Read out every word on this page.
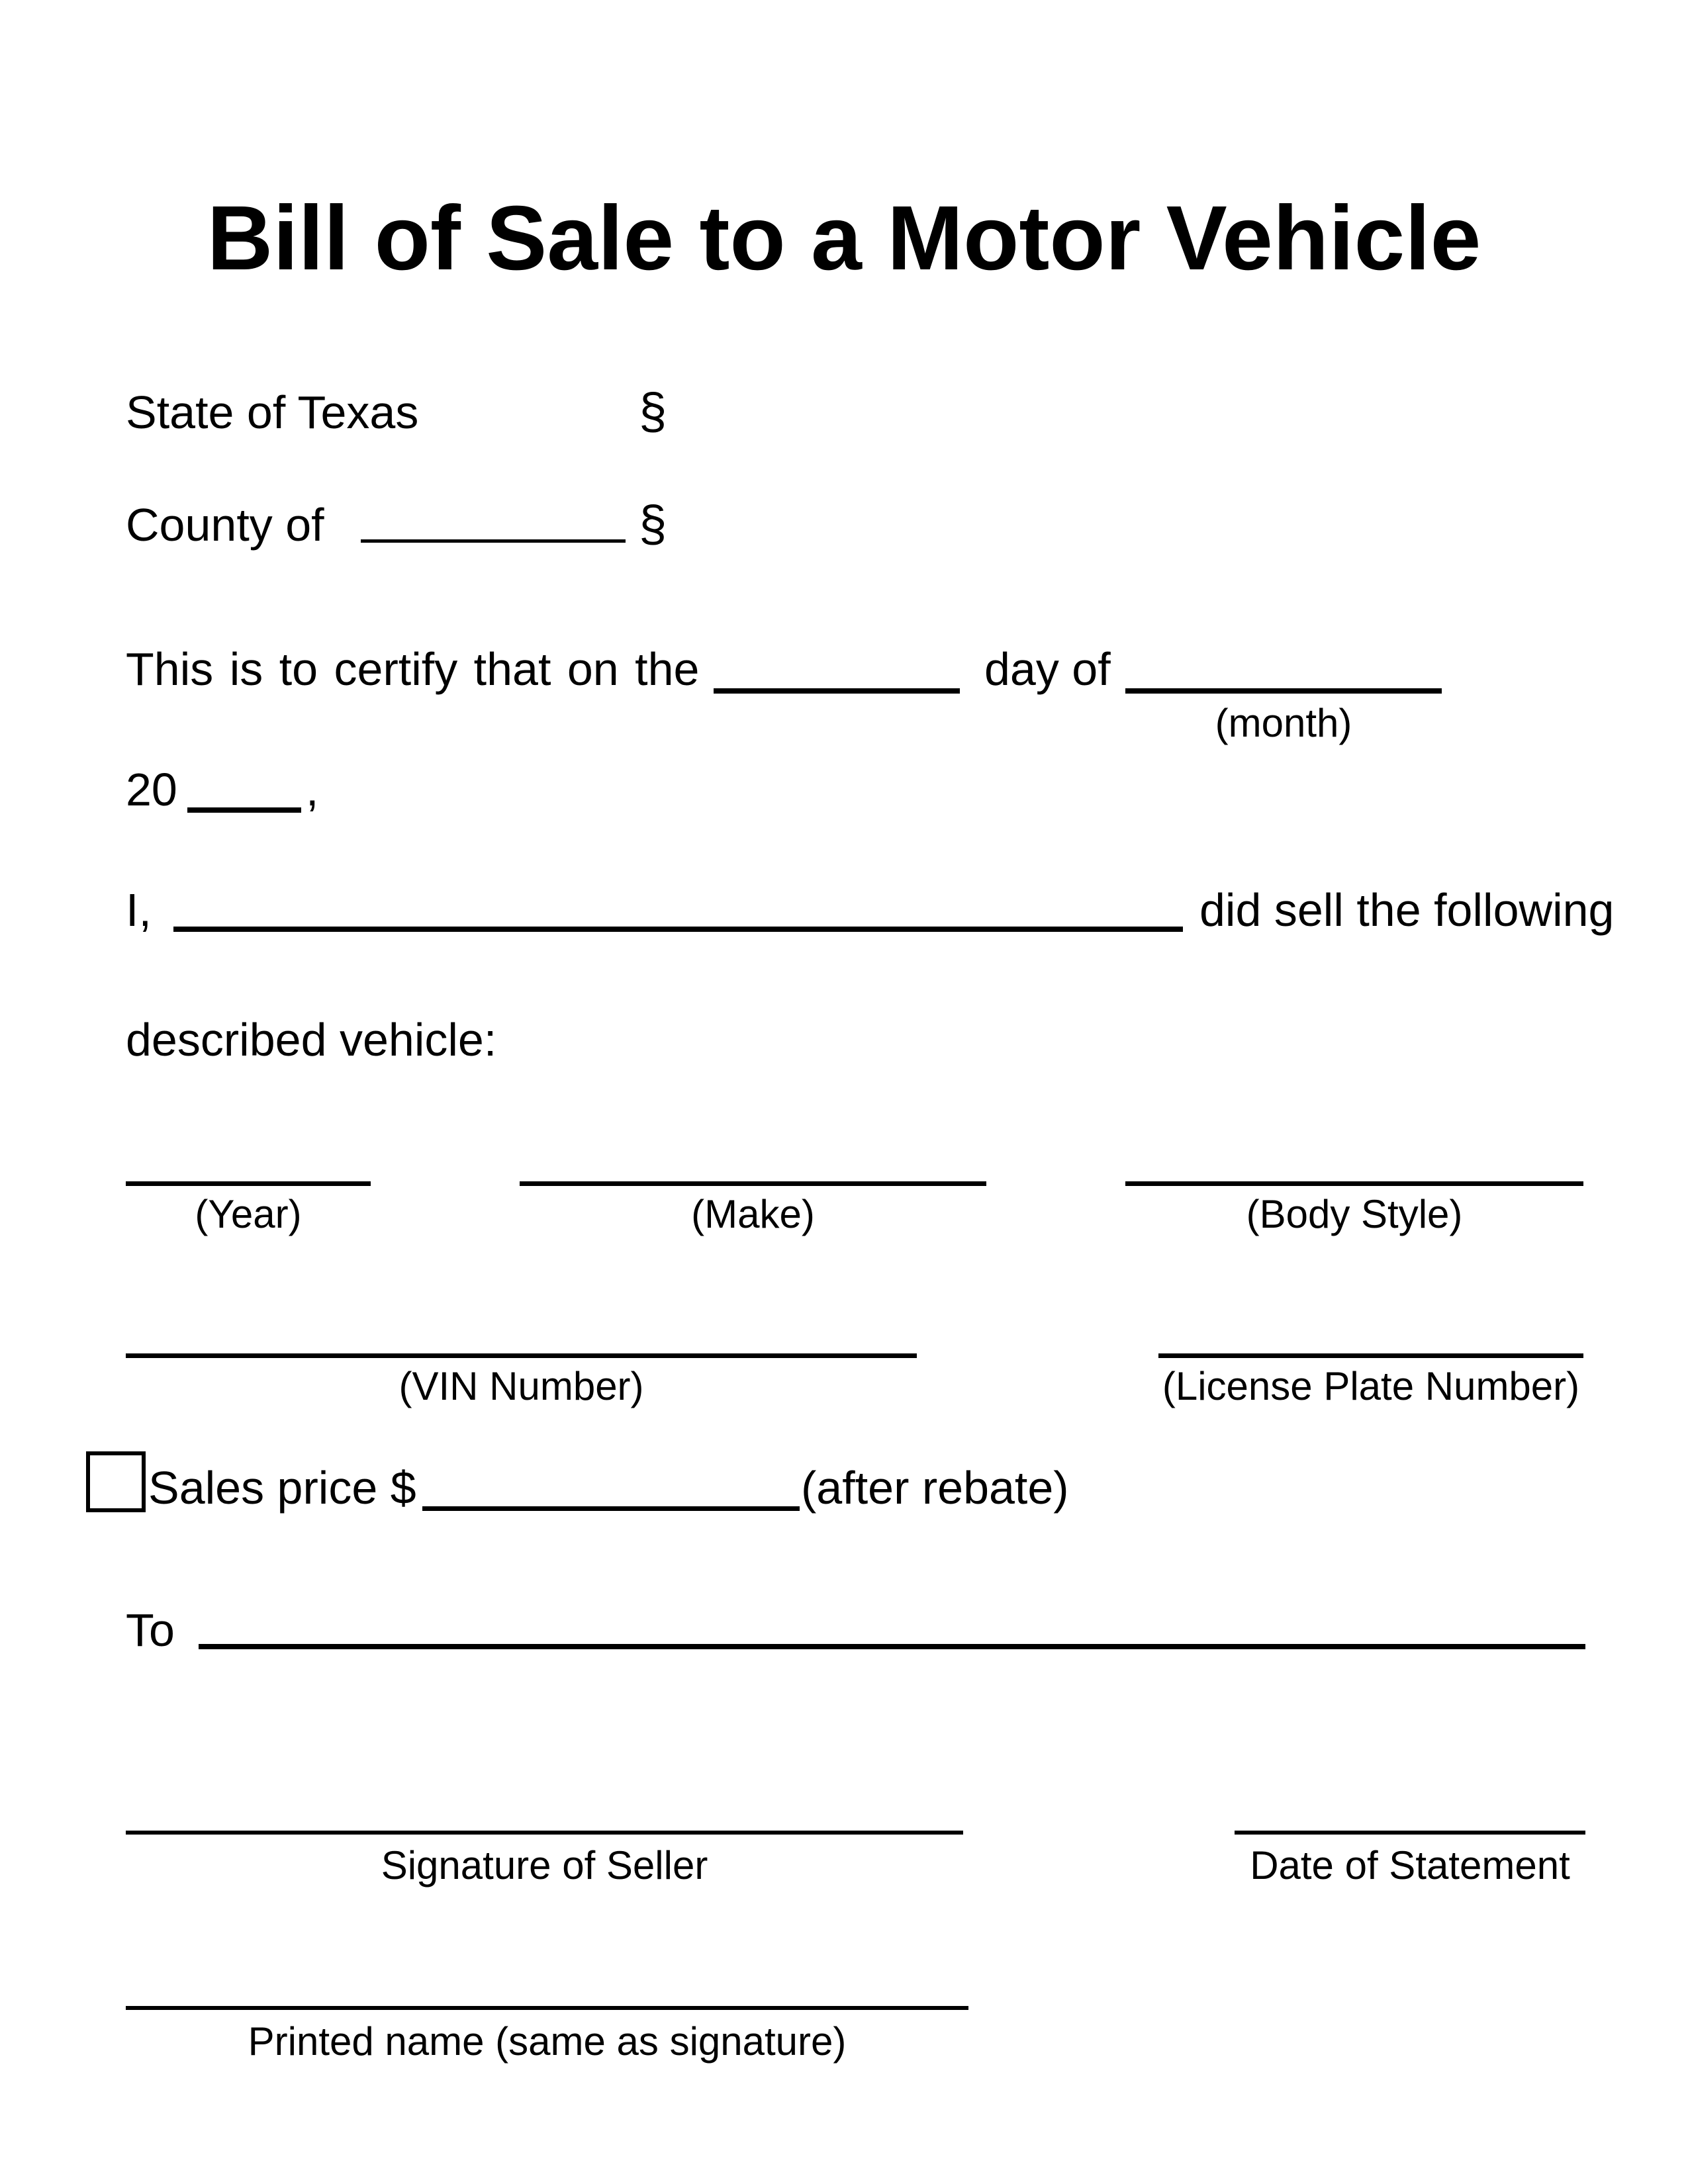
Bill of Sale to a Motor Vehicle
State of Texas	§
County of	§
This is to certify that on the	day of
(month)
20	,
I,	did sell the following
described vehicle:
(Year)	(Make)	(Body Style)
(VIN Number)	(License Plate Number)
Sales price $	(after rebate)
To
Signature of Seller	Date of Statement
Printed name (same as signature)
